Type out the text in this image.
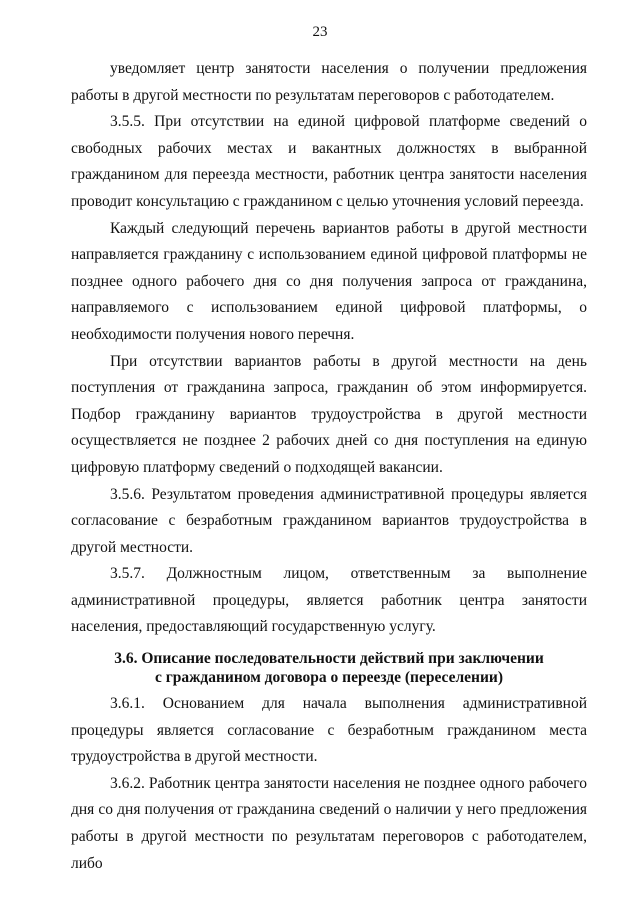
23

уведомляет центр занятости населения о получении предложения работы в другой местности по результатам переговоров с работодателем.

3.5.5. При отсутствии на единой цифровой платформе сведений о свободных рабочих местах и вакантных должностях в выбранной гражданином для переезда местности, работник центра занятости населения проводит консультацию с гражданином с целью уточнения условий переезда.

Каждый следующий перечень вариантов работы в другой местности направляется гражданину с использованием единой цифровой платформы не позднее одного рабочего дня со дня получения запроса от гражданина, направляемого с использованием единой цифровой платформы, о необходимости получения нового перечня.

При отсутствии вариантов работы в другой местности на день поступления от гражданина запроса, гражданин об этом информируется. Подбор гражданину вариантов трудоустройства в другой местности осуществляется не позднее 2 рабочих дней со дня поступления на единую цифровую платформу сведений о подходящей вакансии.

3.5.6. Результатом проведения административной процедуры является согласование с безработным гражданином вариантов трудоустройства в другой местности.

3.5.7. Должностным лицом, ответственным за выполнение административной процедуры, является работник центра занятости населения, предоставляющий государственную услугу.

3.6. Описание последовательности действий при заключении
с гражданином договора о переезде (переселении)

3.6.1. Основанием для начала выполнения административной процедуры является согласование с безработным гражданином места трудоустройства в другой местности.

3.6.2. Работник центра занятости населения не позднее одного рабочего дня со дня получения от гражданина сведений о наличии у него предложения работы в другой местности по результатам переговоров с работодателем, либо
